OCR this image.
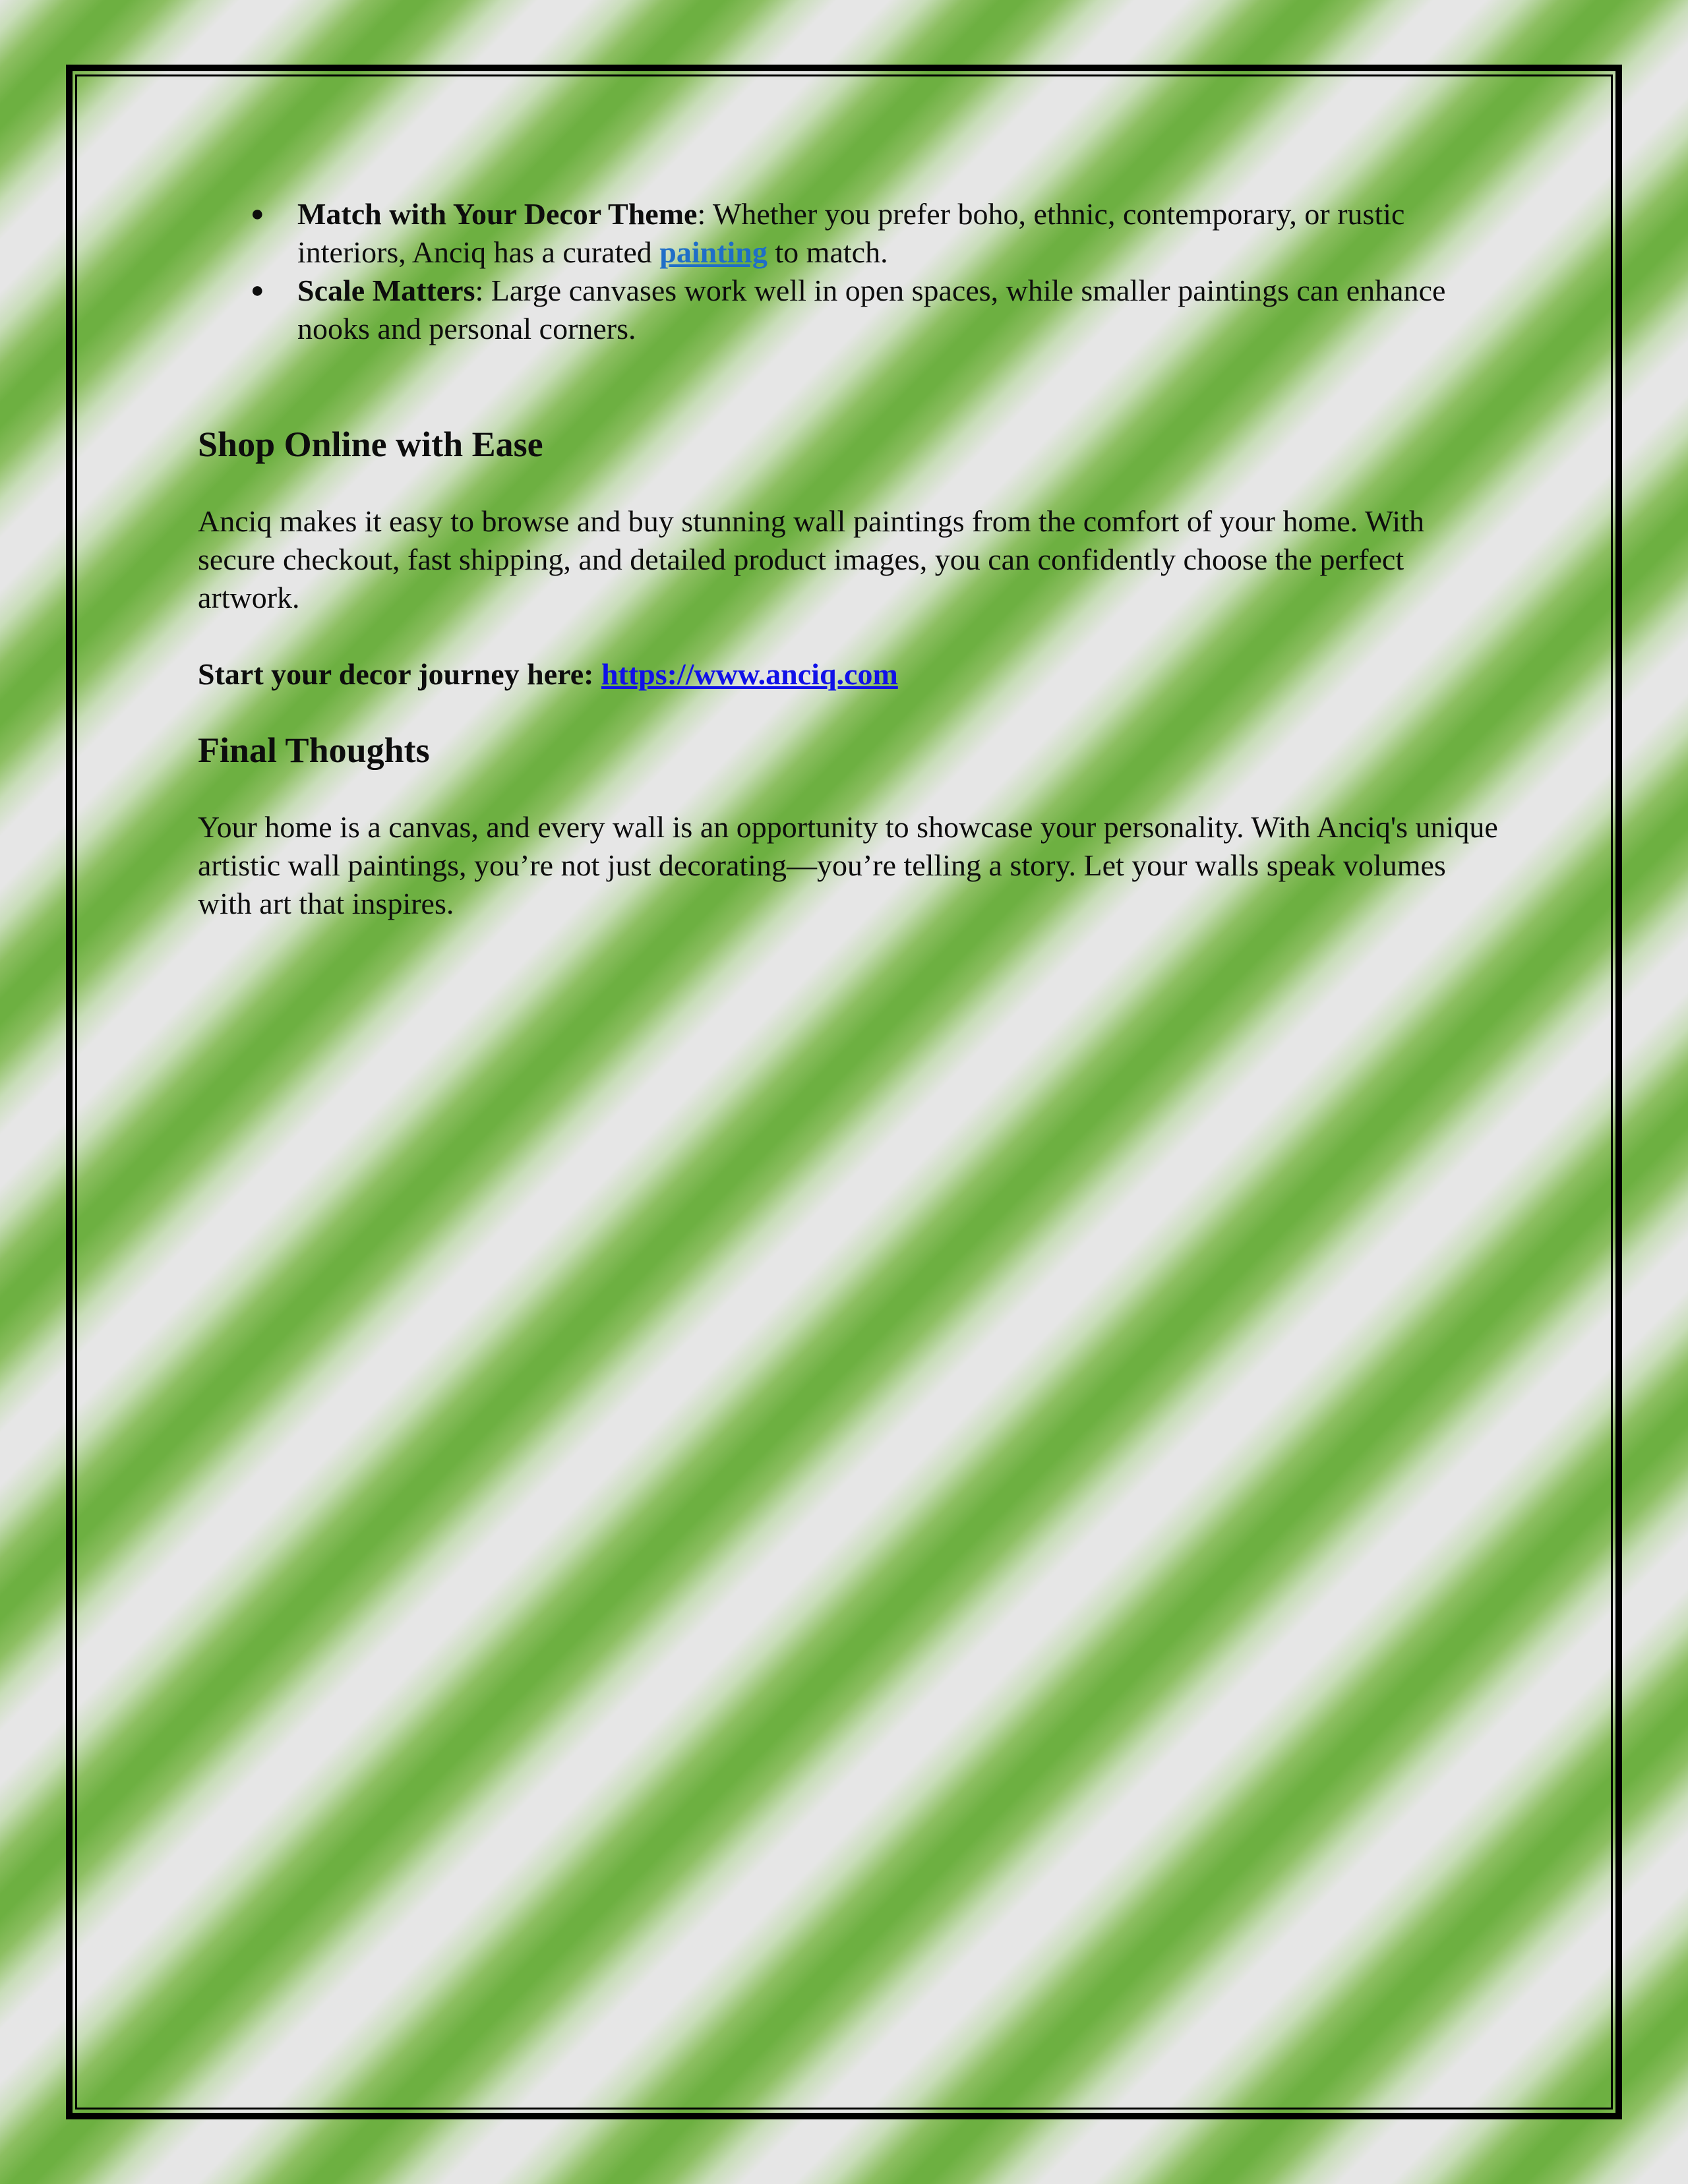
● Match with Your Decor Theme: Whether you prefer boho, ethnic, contemporary, or rustic interiors, Anciq has a curated painting to match.
● Scale Matters: Large canvases work well in open spaces, while smaller paintings can enhance nooks and personal corners.
Shop Online with Ease

Anciq makes it easy to browse and buy stunning wall paintings from the comfort of your home. With secure checkout, fast shipping, and detailed product images, you can confidently choose the perfect artwork.

Start your decor journey here: https://www.anciq.com

Final Thoughts

Your home is a canvas, and every wall is an opportunity to showcase your personality. With Anciq's unique artistic wall paintings, you’re not just decorating—you’re telling a story. Let your walls speak volumes with art that inspires.
